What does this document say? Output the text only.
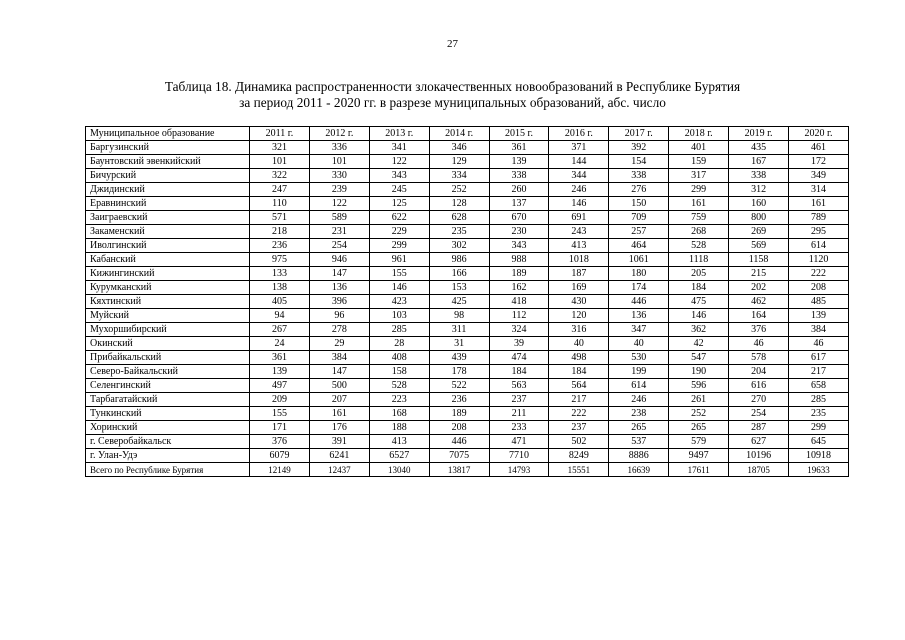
27
Таблица 18. Динамика распространенности злокачественных новообразований в Республике Бурятия
за период 2011 - 2020 гг. в разрезе муниципальных образований, абс. число
Муниципальное образование	2011 г.	2012 г.	2013 г.	2014 г.	2015 г.	2016 г.	2017 г.	2018 г.	2019 г.	2020 г.
Баргузинский	321	336	341	346	361	371	392	401	435	461
Баунтовский эвенкийский	101	101	122	129	139	144	154	159	167	172
Бичурский	322	330	343	334	338	344	338	317	338	349
Джидинский	247	239	245	252	260	246	276	299	312	314
Еравнинский	110	122	125	128	137	146	150	161	160	161
Заиграевский	571	589	622	628	670	691	709	759	800	789
Закаменский	218	231	229	235	230	243	257	268	269	295
Иволгинский	236	254	299	302	343	413	464	528	569	614
Кабанский	975	946	961	986	988	1018	1061	1118	1158	1120
Кижингинский	133	147	155	166	189	187	180	205	215	222
Курумканский	138	136	146	153	162	169	174	184	202	208
Кяхтинский	405	396	423	425	418	430	446	475	462	485
Муйский	94	96	103	98	112	120	136	146	164	139
Мухоршибирский	267	278	285	311	324	316	347	362	376	384
Окинский	24	29	28	31	39	40	40	42	46	46
Прибайкальский	361	384	408	439	474	498	530	547	578	617
Северо-Байкальский	139	147	158	178	184	184	199	190	204	217
Селенгинский	497	500	528	522	563	564	614	596	616	658
Тарбагатайский	209	207	223	236	237	217	246	261	270	285
Тункинский	155	161	168	189	211	222	238	252	254	235
Хоринский	171	176	188	208	233	237	265	265	287	299
г. Северобайкальск	376	391	413	446	471	502	537	579	627	645
г. Улан-Удэ	6079	6241	6527	7075	7710	8249	8886	9497	10196	10918
Всего по Республике Бурятия	12149	12437	13040	13817	14793	15551	16639	17611	18705	19633
